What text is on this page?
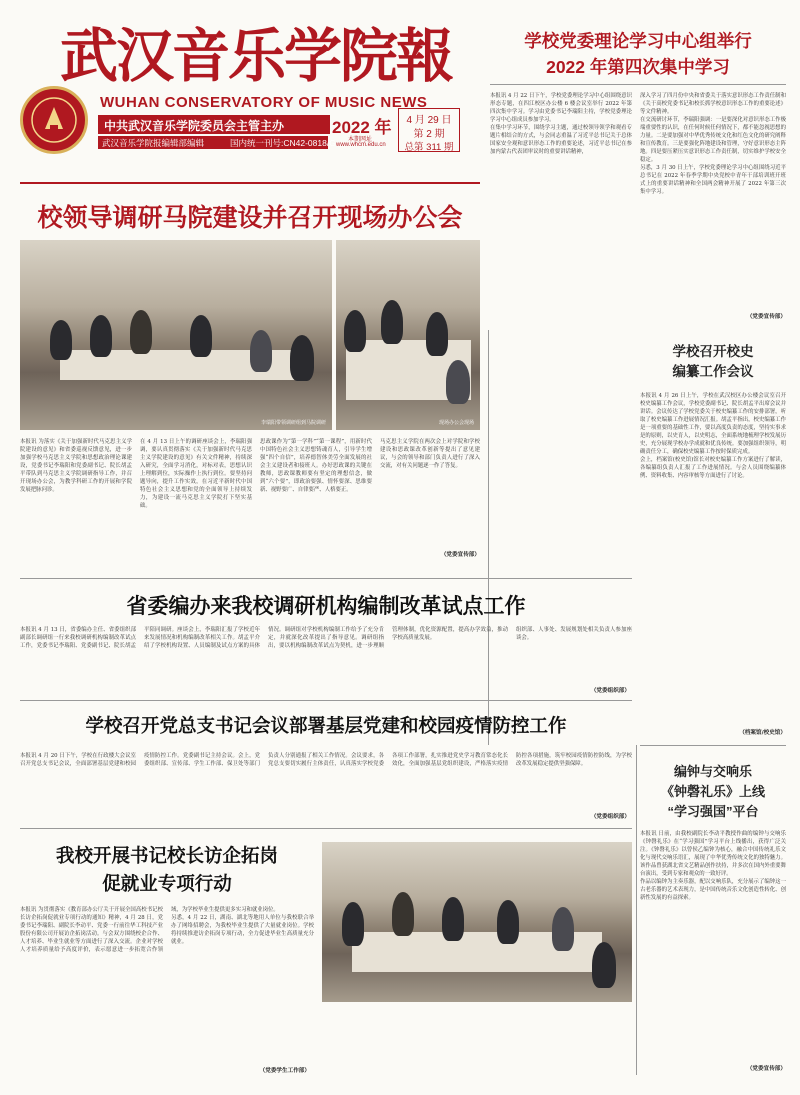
武汉音乐学院報
WUHAN CONSERVATORY OF MUSIC NEWS
中共武汉音乐学院委员会主管主办	2022 年
武汉音乐学院报编辑部编辑	国内统一刊号:CN42-0818/G 本期网址
www.whcm.edu.cn
4 月 29 日
第 2 期
总第 311 期
学校党委理论学习中心组举行
2022 年第四次集中学习
本报讯 4 月 22 日下午，学校党委理论学习中心组围绕意识形态专题，在四江校区办公楼 6 楼会议室举行 2022 年第四次集中学习。学习由党委书记李瑞阳主持，学校党委理论学习中心组成员参加学习。
在集中学习环节，围绕学习主题，通过校领导领学和观看专题片相结合的方式，与会同志重温了习近平总书记关于总体国家安全观和意识形态工作的重要论述，习近平总书记在参加内蒙古代表团审议时的重要讲话精神，
深入学习了四月份中央和省委关于落实意识形态工作责任制和《关于高校党委书记和校长抓学校意识形态工作的重要论述》等文件精神。
在交流研讨环节，李瑞阳强调：一是要深化对意识形态工作极端重要性的认识，在任何时候任何情况下，都不能忽视思想的力量。二是要加强对中华优秀传统文化和红色文化的研究阐释和宣传教育。三是要强化阵地建设和管理，守好意识形态主阵地。四是要压紧压实意识形态工作责任制，切实维护学校安全稳定。
另悉，3 月 30 日上午，学校党委理论学习中心组围绕习近平总书记在 2022 年春季学期中央党校中青年干部培训班开班式上的重要讲话精神和全国两会精神开展了 2022 年第三次集中学习。
（党委宣传部）
校领导调研马院建设并召开现场办公会
李瑞阳带领调研组到马院调研	现场办公会现场
本报讯 为落实《关于加强新时代马克思主义学院建设的意见》和省委巡视反馈意见，进一步加强学校马克思主义学院和思想政治理论课建设，党委书记李瑞阳和党委副书记、院长胡孟平带队到马克思主义学院调研指导工作，并召开现场办公会，为教学科研工作的开展和学院发展把脉问诊。
在 4 月 13 日上午的调研座谈会上，李瑞阳强调，要认真贯彻落实《关于加强新时代马克思主义学院建设的意见》有关文件精神，持续深入研究，全面学习消化，对标对表，思想认识上理解到位，实际操作上执行到位。要坚持问题导向，提升工作实效，在习近平新时代中国特色社会主义思想和党的全面领导上持续发力，为建设一流马克思主义学院打下坚实基础。
思政课作为“第一学科”“第一课程”，用新时代中国特色社会主义思想铸魂育人，引导学生增强“四个自信”，培养德智体美劳全面发展的社会主义建设者和接班人。办好思政课的关键在教师，思政课教师要有坚定的理想信念，做到“六个要”，即政治要强、情怀要深、思维要新、视野要广、自律要严、人格要正。
马克思主义学院在两次会上对学院和学校建设和思政课改革创新等提出了意见建议，与会的领导和部门负责人进行了深入交流，对有关问题逐一作了答复。
（党委宣传部）
学校召开校史
编纂工作会议
本报讯 4 月 26 日上午，学校在武汉校区办公楼会议室召开校史编纂工作会议，学校党委副书记、院长胡孟平出席会议并讲话。会议传达了学校党委关于校史编纂工作的安排部署，听取了校史编纂工作进展情况汇报。胡孟平指出，校史编纂工作是一项重要的基础性工作，要以高度负责的态度，坚持实事求是的原则，以史育人，以史明志，全面系统地梳理学校发展历史，充分展现学校办学成就和优良传统。要加强组织领导，明确责任分工，确保校史编纂工作按时保质完成。
会上，档案馆(校史馆)馆长对校史编纂工作方案进行了解读，各编纂组负责人汇报了工作进展情况。与会人员围绕编纂体例、资料收集、内容审核等方面进行了讨论。
（档案馆/校史馆）
省委编办来我校调研机构编制改革试点工作
本报讯 4 月 13 日，省委编办主任、省委组织部副部长调研组一行来我校调研机构编制改革试点工作，党委书记李瑞阳、党委副书记、院长胡孟平陪同调研。座谈会上，李瑞阳汇报了学校近年来发展情况和机构编制改革相关工作。胡孟平介绍了学校机构设置、人员编制及试点方案的具体情况。调研组对学校机构编制工作给予了充分肯定，并就深化改革提出了指导意见。调研组指出，要以机构编制改革试点为契机，进一步理顺管理体制，优化资源配置，提高办学效益，推动学校高质量发展。
组织部、人事处、发展规划处相关负责人参加座谈会。
（党委组织部）
学校召开党总支书记会议部署基层党建和校园疫情防控工作
本报讯 4 月 20 日下午，学校在行政楼大会议室召开党总支书记会议，全面部署基层党建和校园疫情防控工作。党委副书记主持会议。会上，党委组织部、宣传部、学生工作部、保卫处等部门负责人分别通报了相关工作情况。会议要求，各党总支要切实履行主体责任，认真落实学校党委各项工作部署，扎实推进党史学习教育常态化长效化，全面加强基层党组织建设，严格落实疫情防控各项措施，筑牢校园疫情防控防线，为学校改革发展稳定提供坚强保障。
（党委组织部）
编钟与交响乐
《钟磬礼乐》上线
“学习强国”平台
本报讯 日前，由我校副院长李动平教授作曲的编钟与交响乐《钟磬礼乐》在“学习强国”学习平台上线播出，获得广泛关注。《钟磬礼乐》以曾侯乙编钟为核心，融合中国传统礼乐文化与现代交响乐语汇，展现了中华优秀传统文化的独特魅力。该作品曾获湖北省文艺精品创作扶持，并多次在国内外重要舞台演出，受到专家和观众的一致好评。
作品以编钟为主奏乐器，配以交响乐队，充分展示了编钟这一古老乐器的艺术表现力，是中国传统音乐文化创造性转化、创新性发展的有益探索。
（党委宣传部）
我校开展书记校长访企拓岗
促就业专项行动
本报讯 为贯彻落实《教育部办公厅关于开展全国高校书记校长访企拓岗促就业专项行动的通知》精神，4 月 28 日，党委书记李瑞阳、副院长李动平、党委一行前往华工科技产业股份有限公司开展访企拓岗活动。与会双方围绕校企合作、人才培养、毕业生就业等方面进行了深入交流。企业对学校人才培养质量给予高度评价，表示愿意进一步拓宽合作领域，为学校毕业生提供更多实习和就业岗位。
另悉，4 月 22 日，湖南、湖北等地用人单位与我校联合举办了网络招聘会，为我校毕业生提供了大量就业岗位。学校将持续推进访企拓岗专项行动，全力促进毕业生高质量充分就业。
（党委学生工作部）
